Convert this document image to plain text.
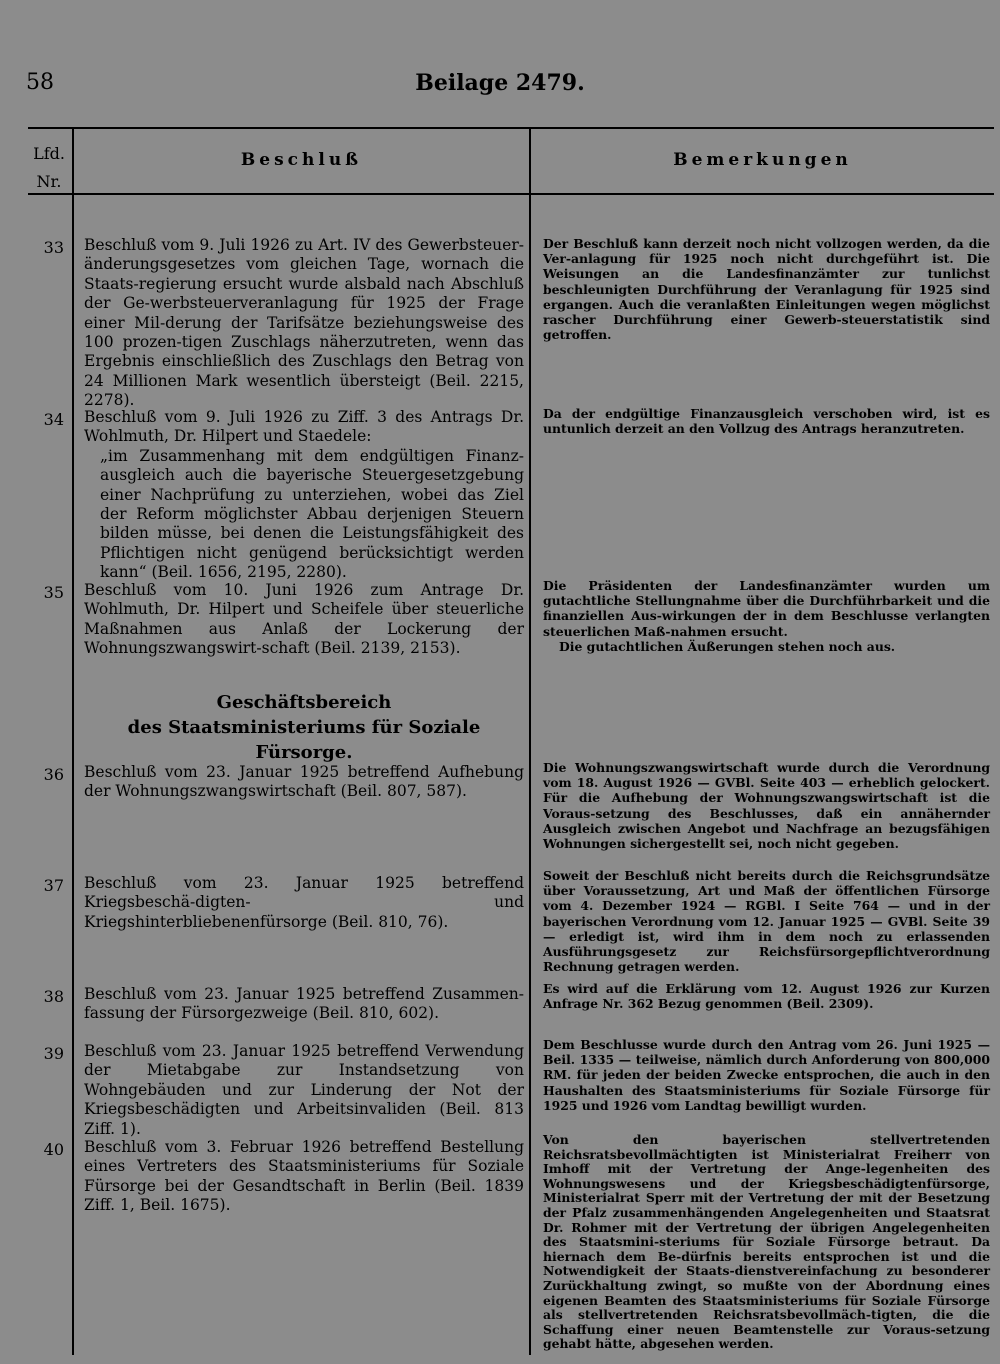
58	Beilage 2479.
Lfd.
Nr.
Beschluß	Bemerkungen
33 Beschluß vom 9. Juli 1926 zu Art. IV des Gewerbsteuer-änderungsgesetzes vom gleichen Tage, wornach die Staats-regierung ersucht wurde alsbald nach Abschluß der Ge-werbsteuerveranlagung für 1925 der Frage einer Mil-derung der Tarifsätze beziehungsweise des 100 prozen-tigen Zuschlags näherzutreten, wenn das Ergebnis einschließlich des Zuschlags den Betrag von 24 Millionen Mark wesentlich übersteigt (Beil. 2215, 2278).
Der Beschluß kann derzeit noch nicht vollzogen werden, da die Ver-anlagung für 1925 noch nicht durchgeführt ist. Die Weisungen an die Landesfinanzämter zur tunlichst beschleunigten Durchführung der Veranlagung für 1925 sind ergangen. Auch die veranlaßten Einleitungen wegen möglichst rascher Durchführung einer Gewerb-steuerstatistik sind getroffen.
34 Beschluß vom 9. Juli 1926 zu Ziff. 3 des Antrags Dr. Wohlmuth, Dr. Hilpert und Staedele:
„im Zusammenhang mit dem endgültigen Finanz-ausgleich auch die bayerische Steuergesetzgebung einer Nachprüfung zu unterziehen, wobei das Ziel der Reform möglichster Abbau derjenigen Steuern bilden müsse, bei denen die Leistungsfähigkeit des Pflichtigen nicht genügend berücksichtigt werden kann“ (Beil. 1656, 2195, 2280).
Da der endgültige Finanzausgleich verschoben wird, ist es untunlich derzeit an den Vollzug des Antrags heranzutreten.
35 Beschluß vom 10. Juni 1926 zum Antrage Dr. Wohlmuth, Dr. Hilpert und Scheifele über steuerliche Maßnahmen aus Anlaß der Lockerung der Wohnungszwangswirt-schaft (Beil. 2139, 2153).
Die Präsidenten der Landesfinanzämter wurden um gutachtliche Stellungnahme über die Durchführbarkeit und die finanziellen Aus-wirkungen der in dem Beschlusse verlangten steuerlichen Maß-nahmen ersucht.
Die gutachtlichen Äußerungen stehen noch aus.
Geschäftsbereich
des Staatsministeriums für Soziale Fürsorge.
36 Beschluß vom 23. Januar 1925 betreffend Aufhebung der Wohnungszwangswirtschaft (Beil. 807, 587).
Die Wohnungszwangswirtschaft wurde durch die Verordnung vom 18. August 1926 — GVBl. Seite 403 — erheblich gelockert. Für die Aufhebung der Wohnungszwangswirtschaft ist die Voraus-setzung des Beschlusses, daß ein annähernder Ausgleich zwischen Angebot und Nachfrage an bezugsfähigen Wohnungen sichergestellt sei, noch nicht gegeben.
37 Beschluß vom 23. Januar 1925 betreffend Kriegsbeschä-digten- und Kriegshinterbliebenenfürsorge (Beil. 810, 76).
Soweit der Beschluß nicht bereits durch die Reichsgrundsätze über Voraussetzung, Art und Maß der öffentlichen Fürsorge vom 4. Dezember 1924 — RGBl. I Seite 764 — und in der bayerischen Verordnung vom 12. Januar 1925 — GVBl. Seite 39 — erledigt ist, wird ihm in dem noch zu erlassenden Ausführungsgesetz zur Reichsfürsorgepflichtverordnung Rechnung getragen werden.
38 Beschluß vom 23. Januar 1925 betreffend Zusammen-fassung der Fürsorgezweige (Beil. 810, 602).
Es wird auf die Erklärung vom 12. August 1926 zur Kurzen Anfrage Nr. 362 Bezug genommen (Beil. 2309).
39 Beschluß vom 23. Januar 1925 betreffend Verwendung der Mietabgabe zur Instandsetzung von Wohngebäuden und zur Linderung der Not der Kriegsbeschädigten und Arbeitsinvaliden (Beil. 813 Ziff. 1).
Dem Beschlusse wurde durch den Antrag vom 26. Juni 1925 — Beil. 1335 — teilweise, nämlich durch Anforderung von 800,000 RM. für jeden der beiden Zwecke entsprochen, die auch in den Haushalten des Staatsministeriums für Soziale Fürsorge für 1925 und 1926 vom Landtag bewilligt wurden.
40 Beschluß vom 3. Februar 1926 betreffend Bestellung eines Vertreters des Staatsministeriums für Soziale Fürsorge bei der Gesandtschaft in Berlin (Beil. 1839 Ziff. 1, Beil. 1675).
Von den bayerischen stellvertretenden Reichsratsbevollmächtigten ist Ministerialrat Freiherr von Imhoff mit der Vertretung der Ange-legenheiten des Wohnungswesens und der Kriegsbeschädigtenfürsorge, Ministerialrat Sperr mit der Vertretung der mit der Besetzung der Pfalz zusammenhängenden Angelegenheiten und Staatsrat Dr. Rohmer mit der Vertretung der übrigen Angelegenheiten des Staatsmini-steriums für Soziale Fürsorge betraut. Da hiernach dem Be-dürfnis bereits entsprochen ist und die Notwendigkeit der Staats-dienstvereinfachung zu besonderer Zurückhaltung zwingt, so mußte von der Abordnung eines eigenen Beamten des Staatsministeriums für Soziale Fürsorge als stellvertretenden Reichsratsbevollmäch-tigten, die die Schaffung einer neuen Beamtenstelle zur Voraus-setzung gehabt hätte, abgesehen werden.
